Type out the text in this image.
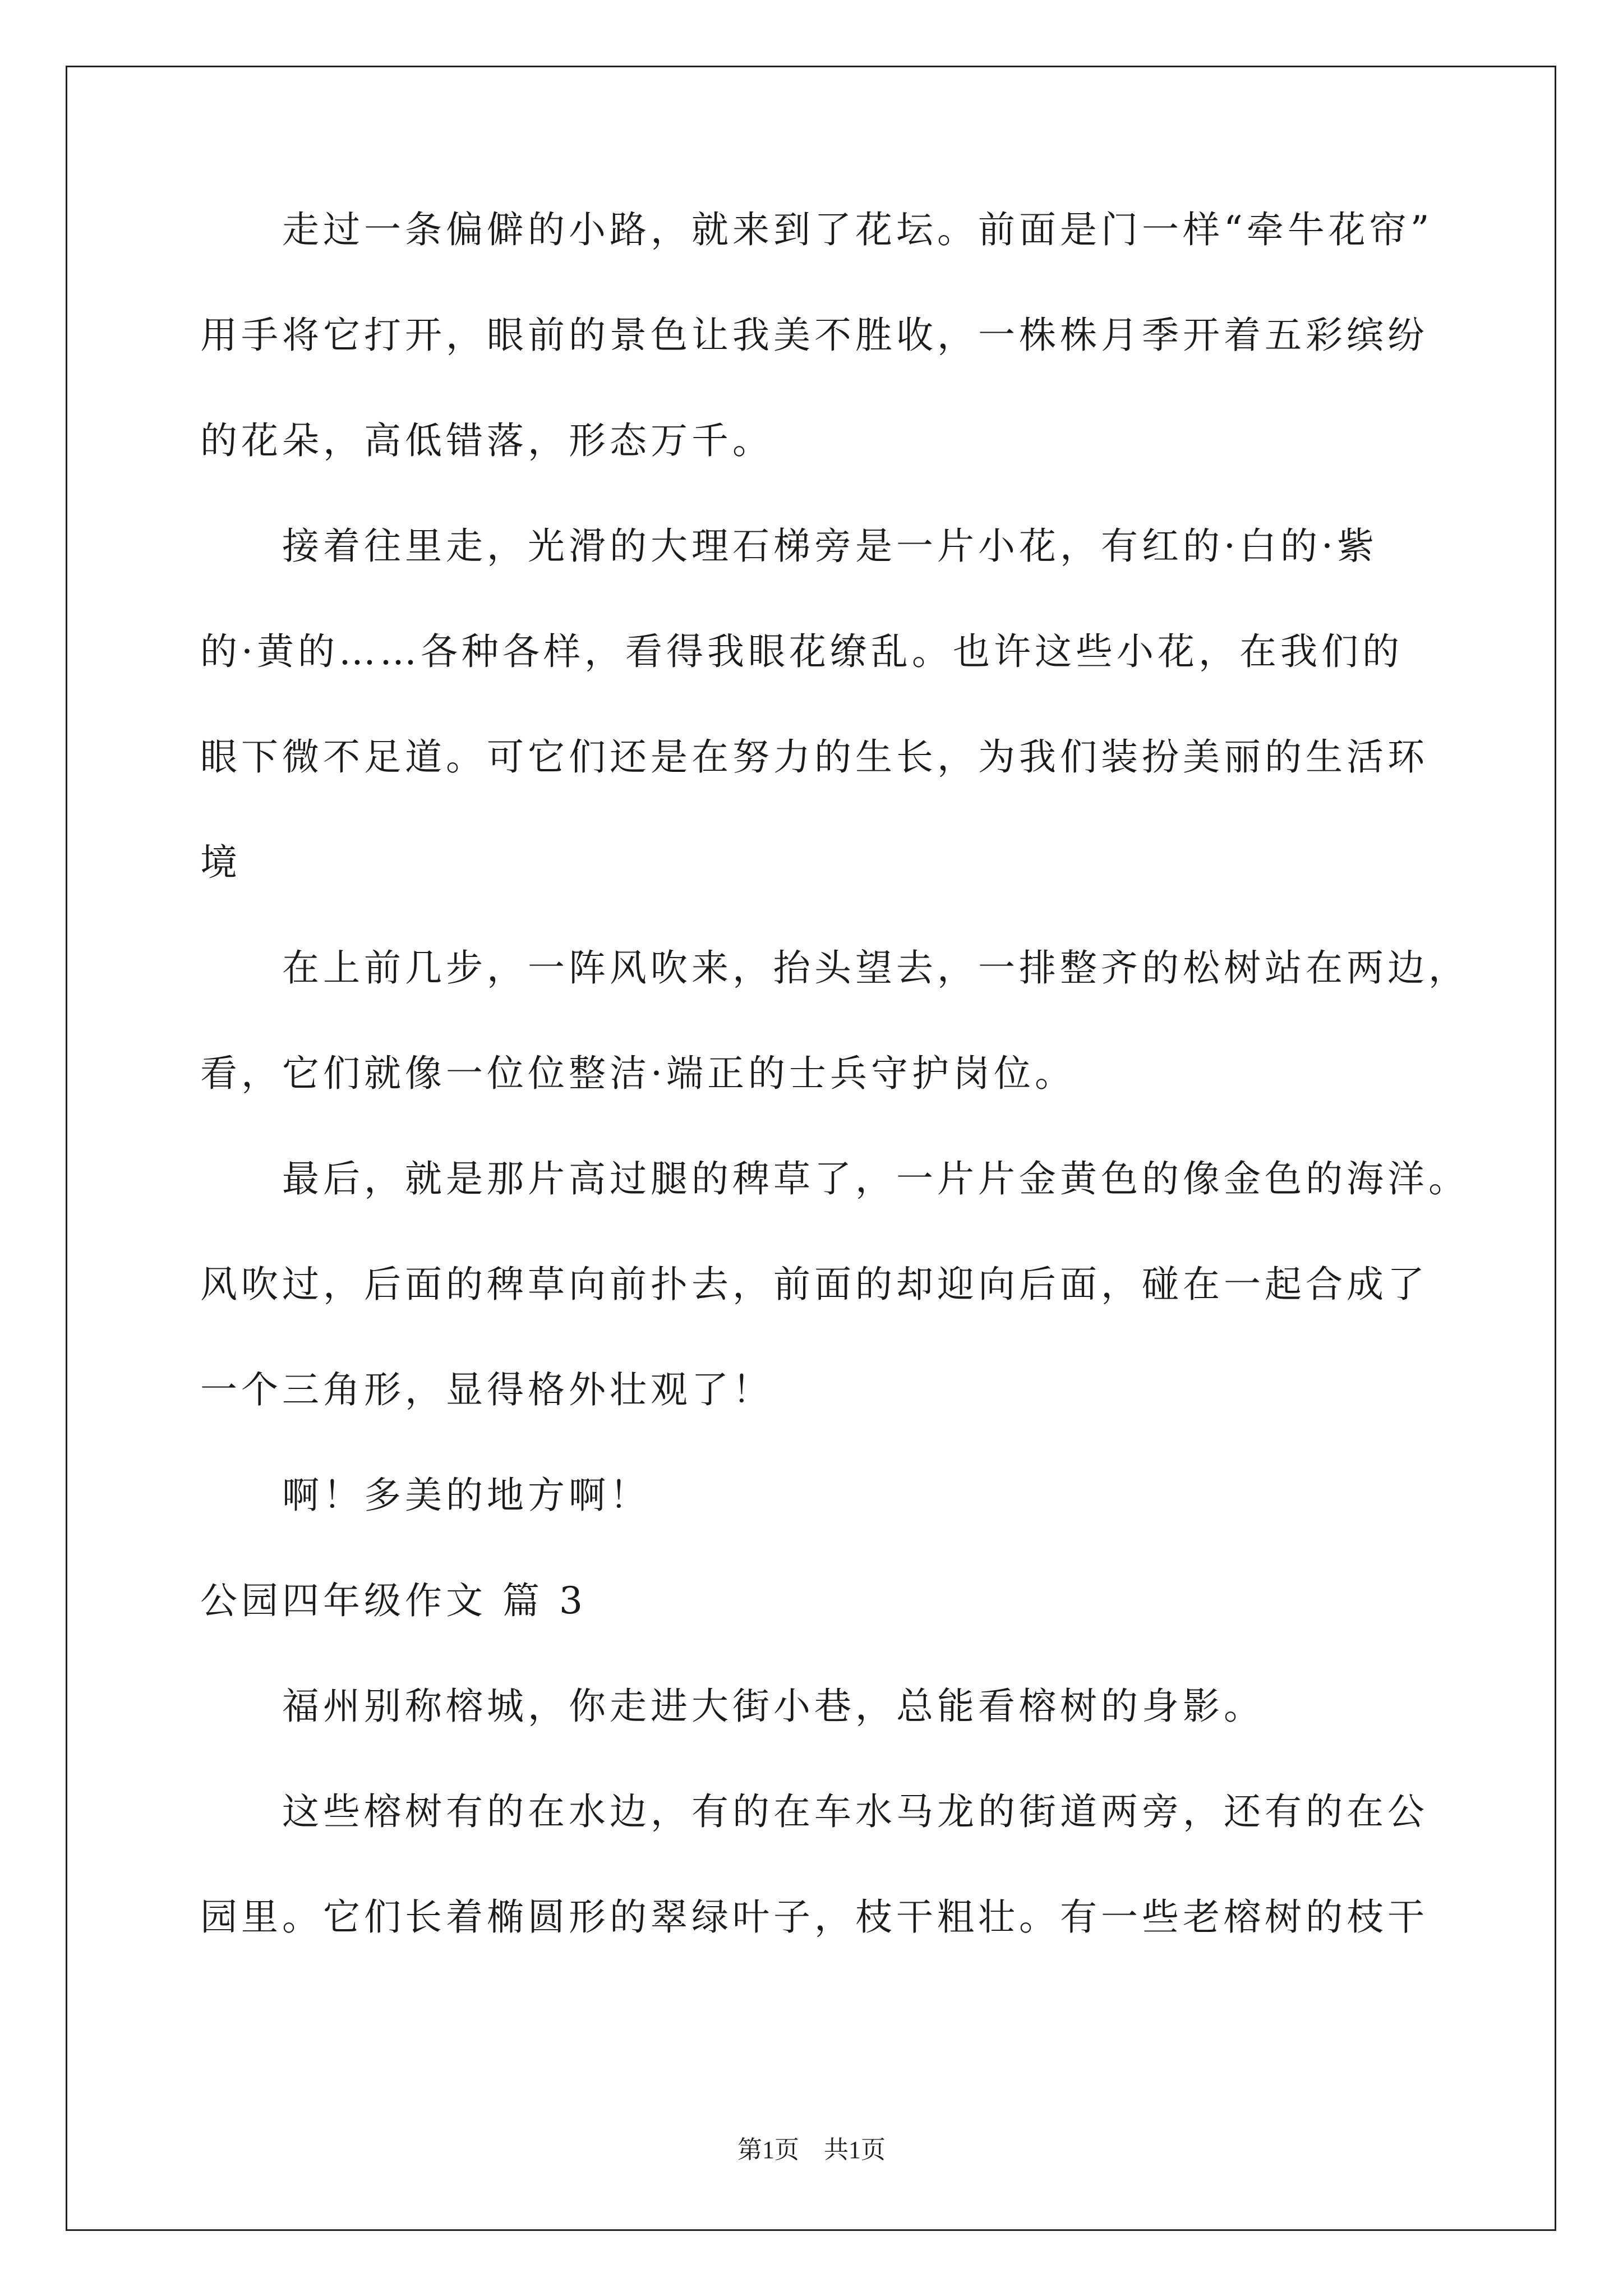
走过一条偏僻的小路，就来到了花坛。前面是门一样“牵牛花帘”
用手将它打开，眼前的景色让我美不胜收，一株株月季开着五彩缤纷
的花朵，高低错落，形态万千。
接着往里走，光滑的大理石梯旁是一片小花，有红的·白的·紫
的·黄的……各种各样，看得我眼花缭乱。也许这些小花，在我们的
眼下微不足道。可它们还是在努力的生长，为我们装扮美丽的生活环
境
在上前几步，一阵风吹来，抬头望去，一排整齐的松树站在两边，
看，它们就像一位位整洁·端正的士兵守护岗位。
最后，就是那片高过腿的稗草了，一片片金黄色的像金色的海洋。
风吹过，后面的稗草向前扑去，前面的却迎向后面，碰在一起合成了
一个三角形，显得格外壮观了！
啊！多美的地方啊！
公园四年级作文 篇 3
福州别称榕城，你走进大街小巷，总能看榕树的身影。
这些榕树有的在水边，有的在车水马龙的街道两旁，还有的在公
园里。它们长着椭圆形的翠绿叶子，枝干粗壮。有一些老榕树的枝干
第1页　共1页
